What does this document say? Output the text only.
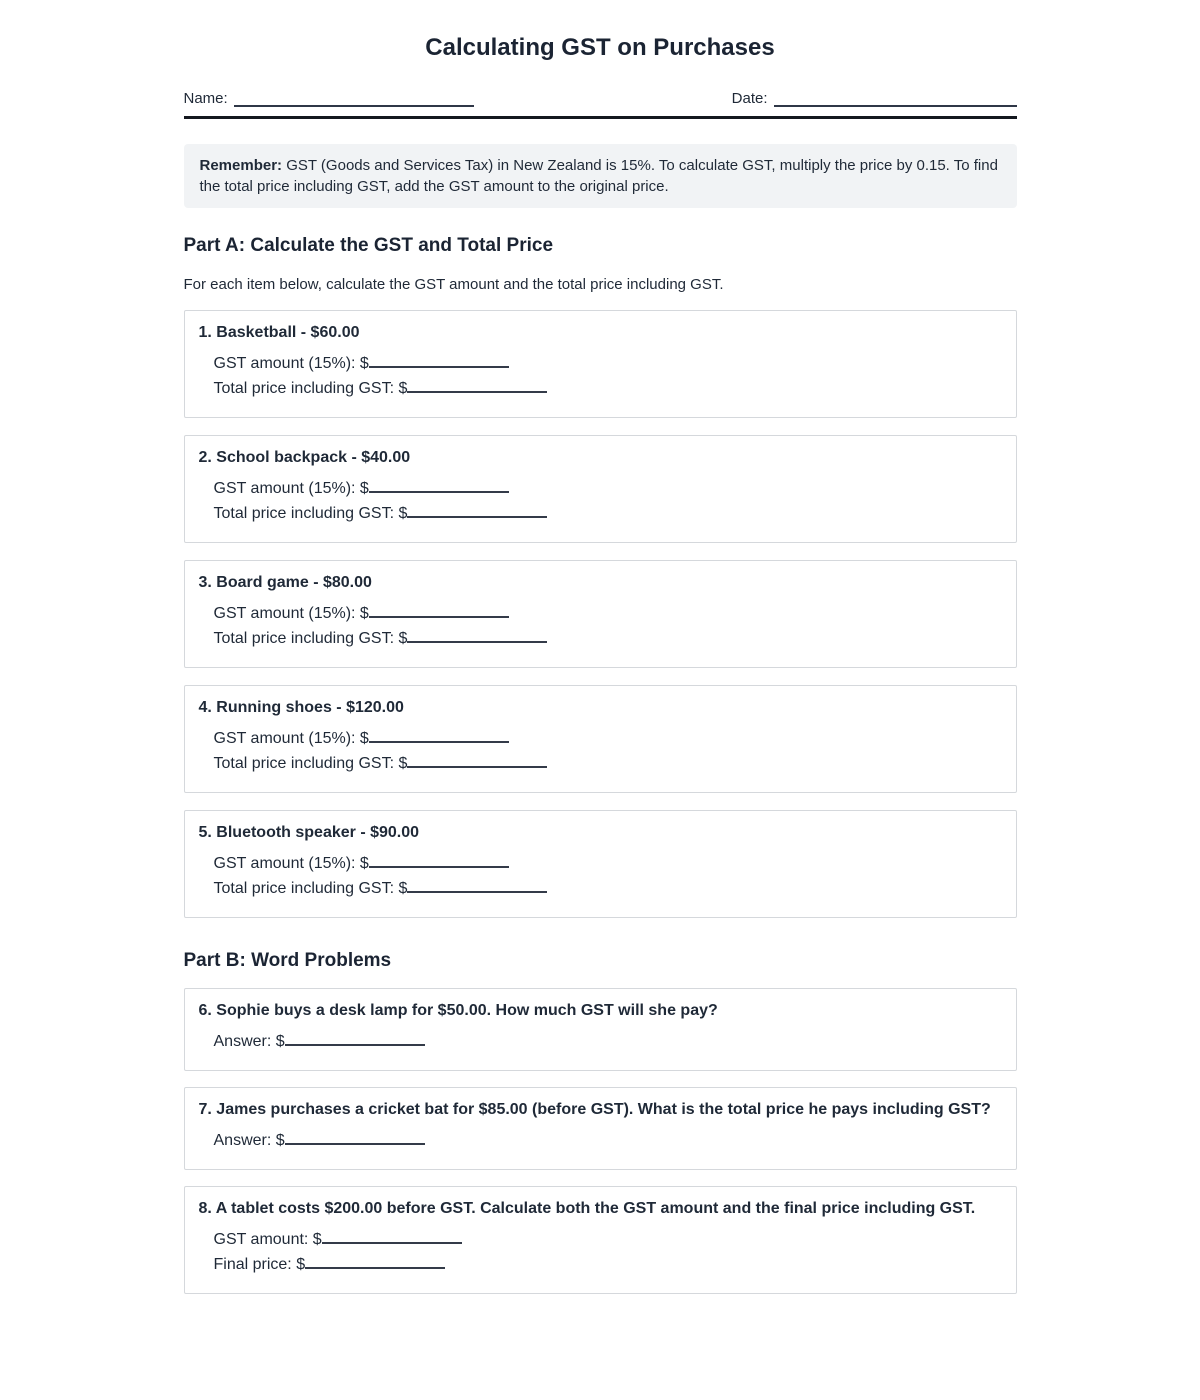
Calculating GST on Purchases
Name:	Date:
Remember: GST (Goods and Services Tax) in New Zealand is 15%. To calculate GST, multiply the price by 0.15. To find the total price including GST, add the GST amount to the original price.
Part A: Calculate the GST and Total Price

For each item below, calculate the GST amount and the total price including GST.

1. Basketball - $60.00
GST amount (15%): $
Total price including GST: $
2. School backpack - $40.00
GST amount (15%): $
Total price including GST: $
3. Board game - $80.00
GST amount (15%): $
Total price including GST: $
4. Running shoes - $120.00
GST amount (15%): $
Total price including GST: $
5. Bluetooth speaker - $90.00
GST amount (15%): $
Total price including GST: $
Part B: Word Problems
6. Sophie buys a desk lamp for $50.00. How much GST will she pay?
Answer: $
7. James purchases a cricket bat for $85.00 (before GST). What is the total price he pays including GST?
Answer: $
8. A tablet costs $200.00 before GST. Calculate both the GST amount and the final price including GST.
GST amount: $
Final price: $
